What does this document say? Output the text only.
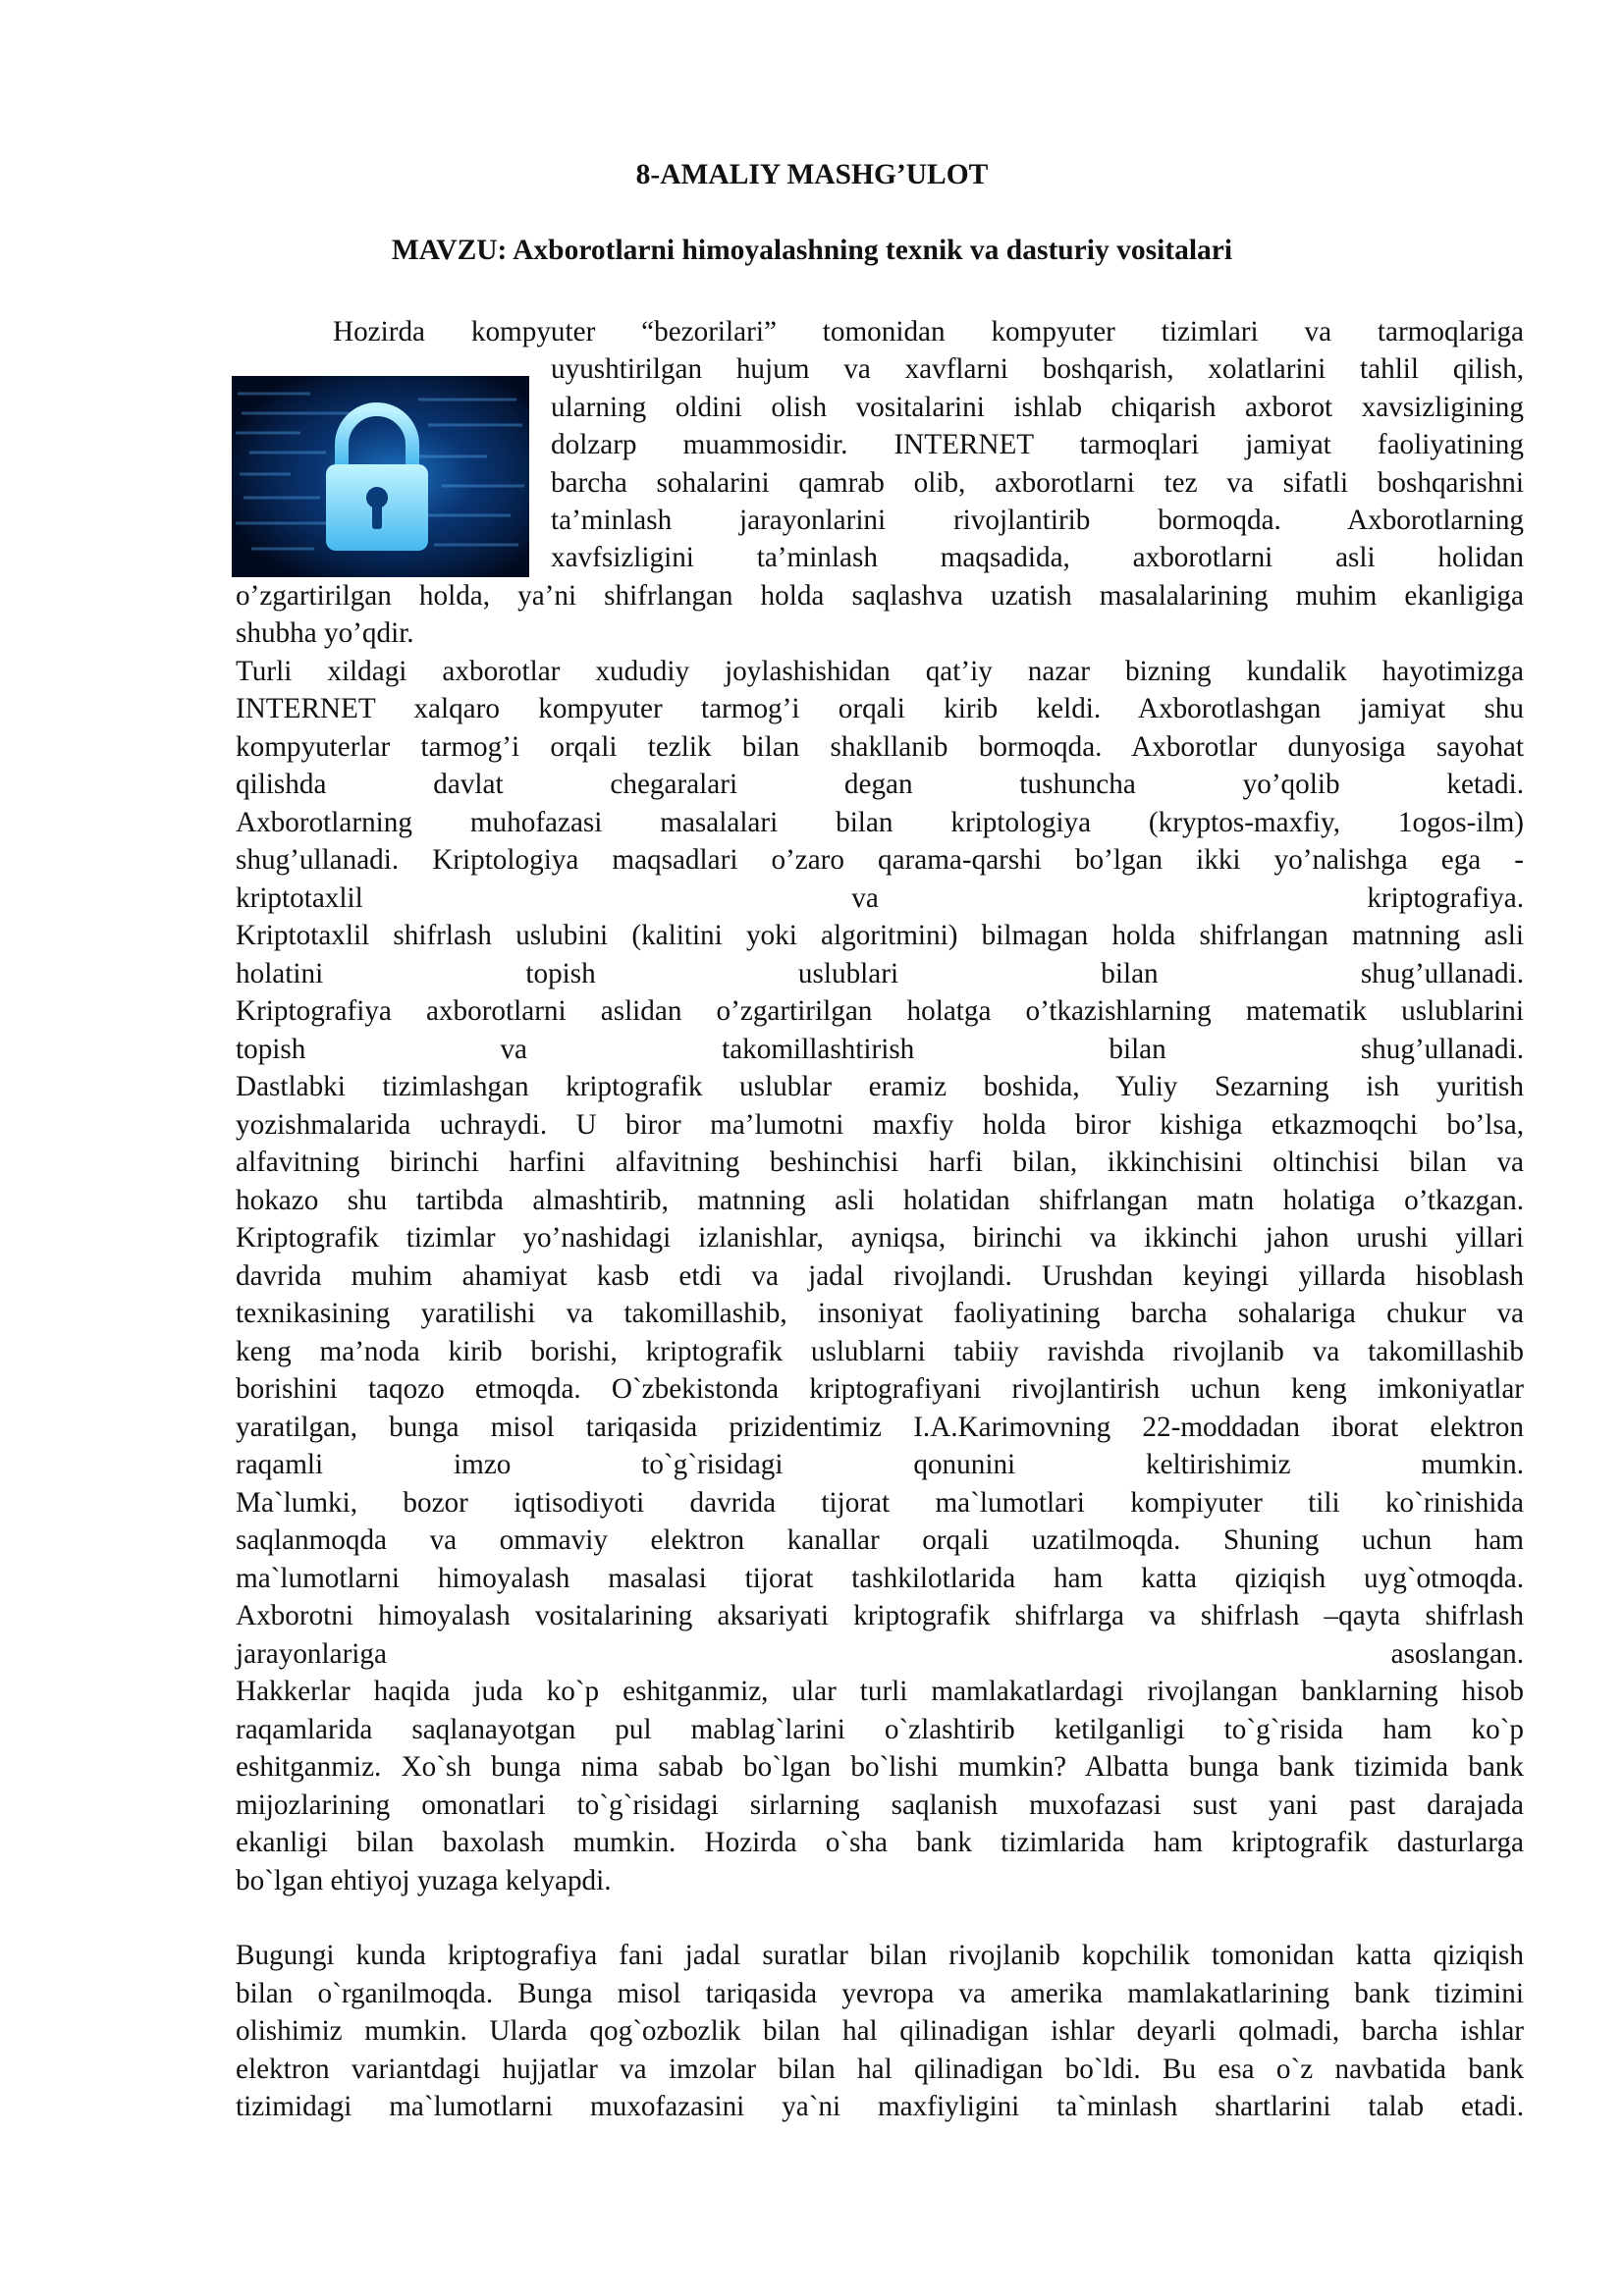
8-AMALIY MASHG’ULOT
MAVZU: Axborotlarni himoyalashning texnik va dasturiy vositalari
Hozirda kompyuter “bezorilari” tomonidan kompyuter tizimlari va tarmoqlariga
uyushtirilgan hujum va xavflarni boshqarish, xolatlarini tahlil qilish,
ularning oldini olish vositalarini ishlab chiqarish axborot xavsizligining
dolzarp muammosidir. INTERNET tarmoqlari jamiyat faoliyatining
barcha sohalarini qamrab olib, axborotlarni tez va sifatli boshqarishni
ta’minlash jarayonlarini rivojlantirib bormoqda. Axborotlarning
xavfsizligini ta’minlash maqsadida, axborotlarni asli holidan
o’zgartirilgan holda, ya’ni shifrlangan holda saqlashva uzatish masalalarining muhim ekanligiga
shubha yo’qdir.
Turli xildagi axborotlar xududiy joylashishidan qat’iy nazar bizning kundalik hayotimizga
INTERNET xalqaro kompyuter tarmog’i orqali kirib keldi. Axborotlashgan jamiyat shu
kompyuterlar tarmog’i orqali tezlik bilan shakllanib bormoqda. Axborotlar dunyosiga sayohat
qilishda davlat chegaralari degan tushuncha yo’qolib ketadi.
Axborotlarning muhofazasi masalalari bilan kriptologiya (kryptos-maxfiy, 1ogos-ilm)
shug’ullanadi. Kriptologiya maqsadlari o’zaro qarama-qarshi bo’lgan ikki yo’nalishga ega -
kriptotaxlil va kriptografiya.
Kriptotaxlil shifrlash uslubini (kalitini yoki algoritmini) bilmagan holda shifrlangan matnning asli
holatini topish uslublari bilan shug’ullanadi.
Kriptografiya axborotlarni aslidan o’zgartirilgan holatga o’tkazishlarning matematik uslublarini
topish va takomillashtirish bilan shug’ullanadi.
Dastlabki tizimlashgan kriptografik uslublar eramiz boshida, Yuliy Sezarning ish yuritish
yozishmalarida uchraydi. U biror ma’lumotni maxfiy holda biror kishiga etkazmoqchi bo’lsa,
alfavitning birinchi harfini alfavitning beshinchisi harfi bilan, ikkinchisini oltinchisi bilan va
hokazo shu tartibda almashtirib, matnning asli holatidan shifrlangan matn holatiga o’tkazgan.
Kriptografik tizimlar yo’nashidagi izlanishlar, ayniqsa, birinchi va ikkinchi jahon urushi yillari
davrida muhim ahamiyat kasb etdi va jadal rivojlandi. Urushdan keyingi yillarda hisoblash
texnikasining yaratilishi va takomillashib, insoniyat faoliyatining barcha sohalariga chukur va
keng ma’noda kirib borishi, kriptografik uslublarni tabiiy ravishda rivojlanib va takomillashib
borishini taqozo etmoqda. O`zbekistonda kriptografiyani rivojlantirish uchun keng imkoniyatlar
yaratilgan, bunga misol tariqasida prizidentimiz I.A.Karimovning 22-moddadan iborat elektron
raqamli imzo to`g`risidagi qonunini keltirishimiz mumkin.
Ma`lumki, bozor iqtisodiyoti davrida tijorat ma`lumotlari kompiyuter tili ko`rinishida
saqlanmoqda va ommaviy elektron kanallar orqali uzatilmoqda. Shuning uchun ham
ma`lumotlarni himoyalash masalasi tijorat tashkilotlarida ham katta qiziqish uyg`otmoqda.
Axborotni himoyalash vositalarining aksariyati kriptografik shifrlarga va shifrlash –qayta shifrlash
jarayonlariga asoslangan.
Hakkerlar haqida juda ko`p eshitganmiz, ular turli mamlakatlardagi rivojlangan banklarning hisob
raqamlarida saqlanayotgan pul mablag`larini o`zlashtirib ketilganligi to`g`risida ham ko`p
eshitganmiz. Xo`sh bunga nima sabab bo`lgan bo`lishi mumkin? Albatta bunga bank tizimida bank
mijozlarining omonatlari to`g`risidagi sirlarning saqlanish muxofazasi sust yani past darajada
ekanligi bilan baxolash mumkin. Hozirda o`sha bank tizimlarida ham kriptografik dasturlarga
bo`lgan ehtiyoj yuzaga kelyapdi.
Bugungi kunda kriptografiya fani jadal suratlar bilan rivojlanib kopchilik tomonidan katta qiziqish
bilan o`rganilmoqda. Bunga misol tariqasida yevropa va amerika mamlakatlarining bank tizimini
olishimiz mumkin. Ularda qog`ozbozlik bilan hal qilinadigan ishlar deyarli qolmadi, barcha ishlar
elektron variantdagi hujjatlar va imzolar bilan hal qilinadigan bo`ldi. Bu esa o`z navbatida bank
tizimidagi ma`lumotlarni muxofazasini ya`ni maxfiyligini ta`minlash shartlarini talab etadi.
